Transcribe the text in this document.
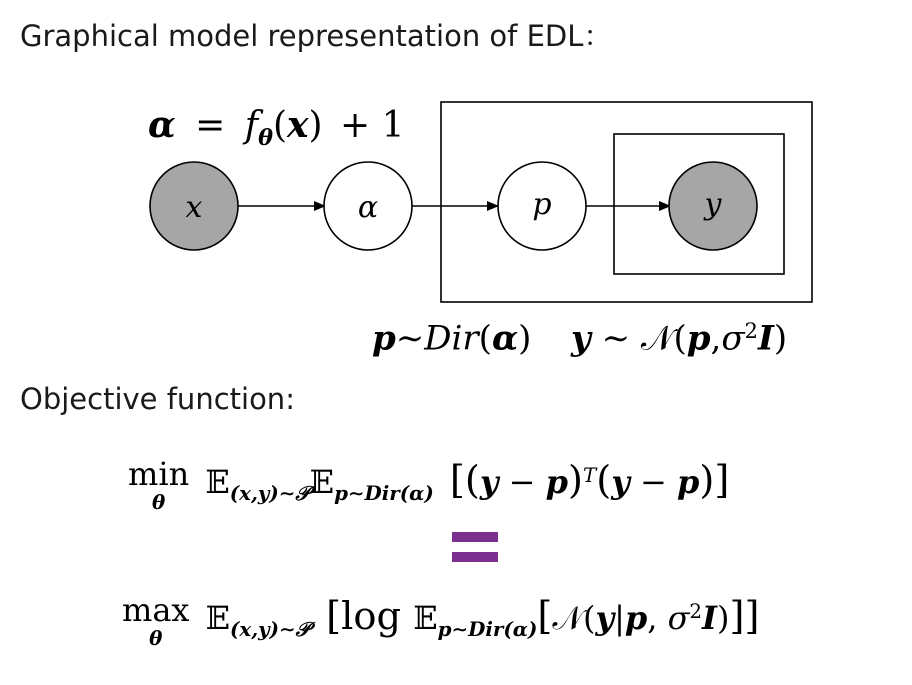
Graphical model representation of EDL：
$\alpha = f_\theta(x) + 1$
x	α	p	y
p∼Dir(α) y ∼ $𝒩(p,\sigma^2I)$
Objective function:
min
θ
𝔼$_{(x,y)\sim 𝒫}$𝔼$_{p\sim Dir(\alpha)}$ $[(y - p)^T(y - p)]$
max
θ
𝔼$_{(x,y)\sim 𝒫}$ [log 𝔼$_{p\sim Dir(\alpha)}$[𝒩(y|p, $\sigma^2I$)]]
